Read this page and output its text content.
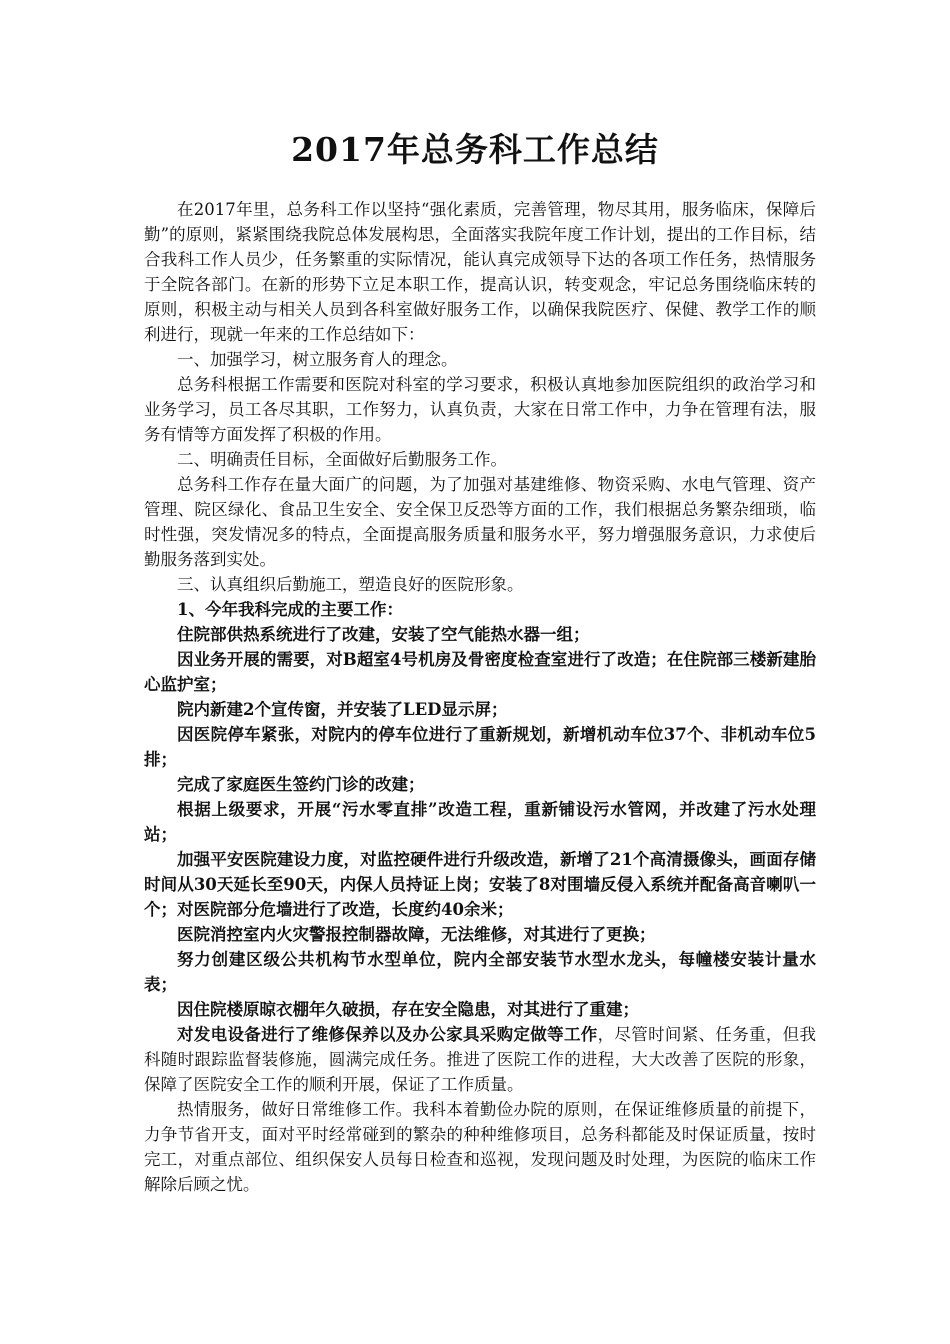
2017年总务科工作总结

在2017年里，总务科工作以坚持“强化素质，完善管理，物尽其用，服务临床，保障后勤”的原则，紧紧围绕我院总体发展构思，全面落实我院年度工作计划，提出的工作目标，结合我科工作人员少，任务繁重的实际情况，能认真完成领导下达的各项工作任务，热情服务于全院各部门。在新的形势下立足本职工作，提高认识，转变观念，牢记总务围绕临床转的原则，积极主动与相关人员到各科室做好服务工作，以确保我院医疗、保健、教学工作的顺利进行，现就一年来的工作总结如下：

一、加强学习，树立服务育人的理念。

总务科根据工作需要和医院对科室的学习要求，积极认真地参加医院组织的政治学习和业务学习，员工各尽其职，工作努力，认真负责，大家在日常工作中，力争在管理有法，服务有情等方面发挥了积极的作用。

二、明确责任目标，全面做好后勤服务工作。

总务科工作存在量大面广的问题，为了加强对基建维修、物资采购、水电气管理、资产管理、院区绿化、食品卫生安全、安全保卫反恐等方面的工作，我们根据总务繁杂细琐，临时性强，突发情况多的特点，全面提高服务质量和服务水平，努力增强服务意识，力求使后勤服务落到实处。

三、认真组织后勤施工，塑造良好的医院形象。

1、今年我科完成的主要工作：

住院部供热系统进行了改建，安装了空气能热水器一组；

因业务开展的需要，对B超室4号机房及骨密度检查室进行了改造；在住院部三楼新建胎心监护室；

院内新建2个宣传窗，并安装了LED显示屏；

因医院停车紧张，对院内的停车位进行了重新规划，新增机动车位37个、非机动车位5排；

完成了家庭医生签约门诊的改建；

根据上级要求，开展“污水零直排”改造工程，重新铺设污水管网，并改建了污水处理站；

加强平安医院建设力度，对监控硬件进行升级改造，新增了21个高清摄像头，画面存储时间从30天延长至90天，内保人员持证上岗；安装了8对围墙反侵入系统并配备高音喇叭一个；对医院部分危墙进行了改造，长度约40余米；

医院消控室内火灾警报控制器故障，无法维修，对其进行了更换；

努力创建区级公共机构节水型单位，院内全部安装节水型水龙头，每幢楼安装计量水表；

因住院楼原晾衣棚年久破损，存在安全隐患，对其进行了重建；

对发电设备进行了维修保养以及办公家具采购定做等工作，尽管时间紧、任务重，但我科随时跟踪监督装修施，圆满完成任务。推进了医院工作的进程，大大改善了医院的形象，保障了医院安全工作的顺利开展，保证了工作质量。

热情服务，做好日常维修工作。我科本着勤俭办院的原则，在保证维修质量的前提下，力争节省开支，面对平时经常碰到的繁杂的种种维修项目，总务科都能及时保证质量，按时完工，对重点部位、组织保安人员每日检查和巡视，发现问题及时处理，为医院的临床工作解除后顾之忧。
